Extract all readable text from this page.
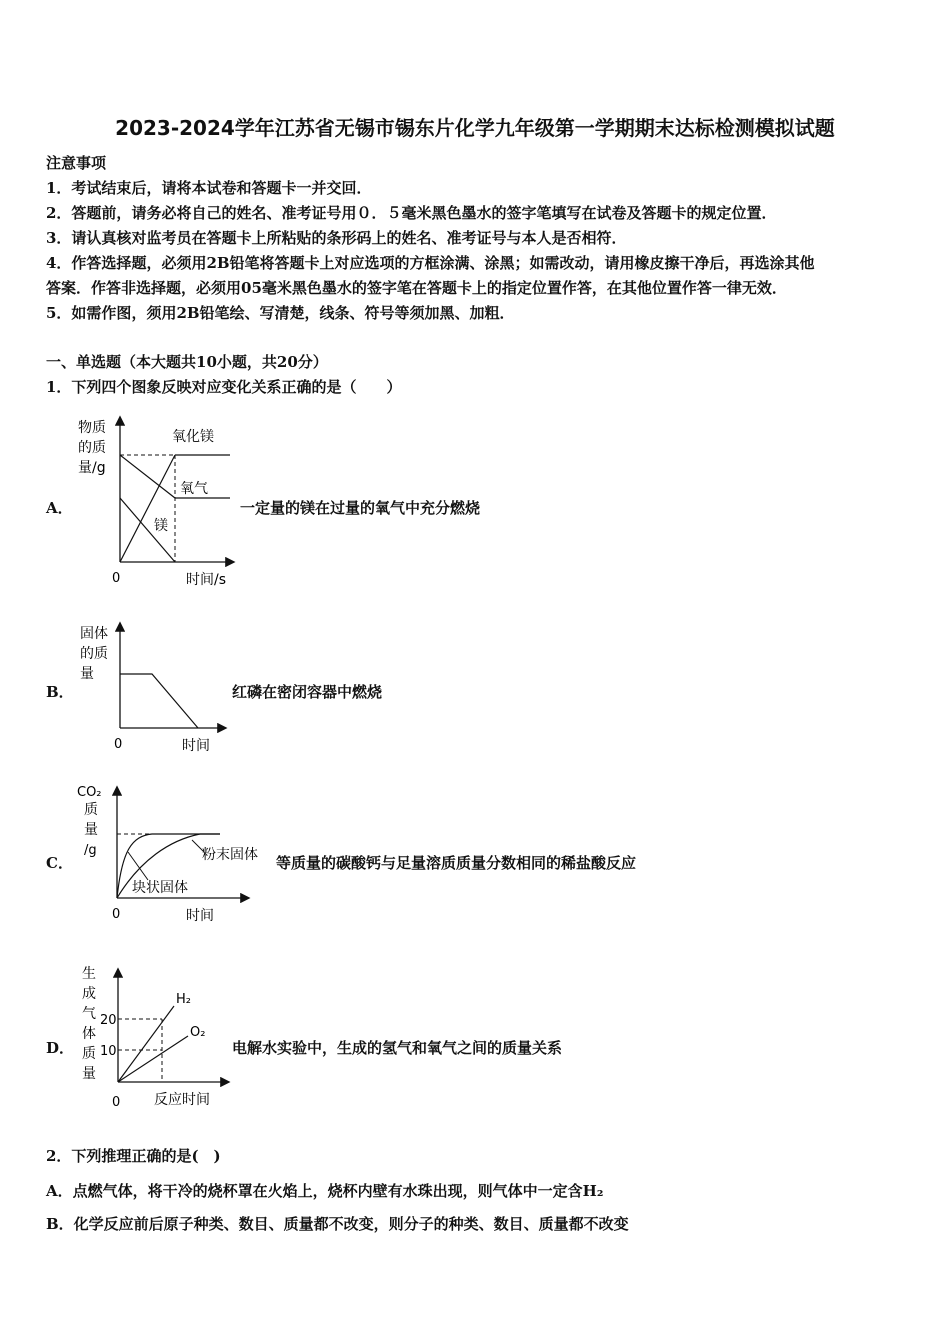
2023-2024学年江苏省无锡市锡东片化学九年级第一学期期末达标检测模拟试题
注意事项
1．考试结束后，请将本试卷和答题卡一并交回．
2．答题前，请务必将自己的姓名、准考证号用０．５毫米黑色墨水的签字笔填写在试卷及答题卡的规定位置．
3．请认真核对监考员在答题卡上所粘贴的条形码上的姓名、准考证号与本人是否相符．
4．作答选择题，必须用2B铅笔将答题卡上对应选项的方框涂满、涂黑；如需改动，请用橡皮擦干净后，再选涂其他
答案．作答非选择题，必须用05毫米黑色墨水的签字笔在答题卡上的指定位置作答，在其他位置作答一律无效．
5．如需作图，须用2B铅笔绘、写清楚，线条、符号等须加黑、加粗．
一、单选题（本大题共10小题，共20分）
1．下列四个图象反映对应变化关系正确的是（　　）
A．
物质
的质
量/g
氧化镁
氧气
镁
0	时间/s
一定量的镁在过量的氧气中充分燃烧
B．
固体
的质
量
0	时间
红磷在密闭容器中燃烧
C．
CO₂
质
量
/g	粉末固体
块状固体
0	时间
等质量的碳酸钙与足量溶质质量分数相同的稀盐酸反应
D．
生
成
气
体
质
量
20
10
H₂
O₂
0 反应时间
电解水实验中，生成的氢气和氧气之间的质量关系
2．下列推理正确的是(　)
A．点燃气体，将干冷的烧杯罩在火焰上，烧杯内壁有水珠出现，则气体中一定含H₂
B．化学反应前后原子种类、数目、质量都不改变，则分子的种类、数目、质量都不改变
